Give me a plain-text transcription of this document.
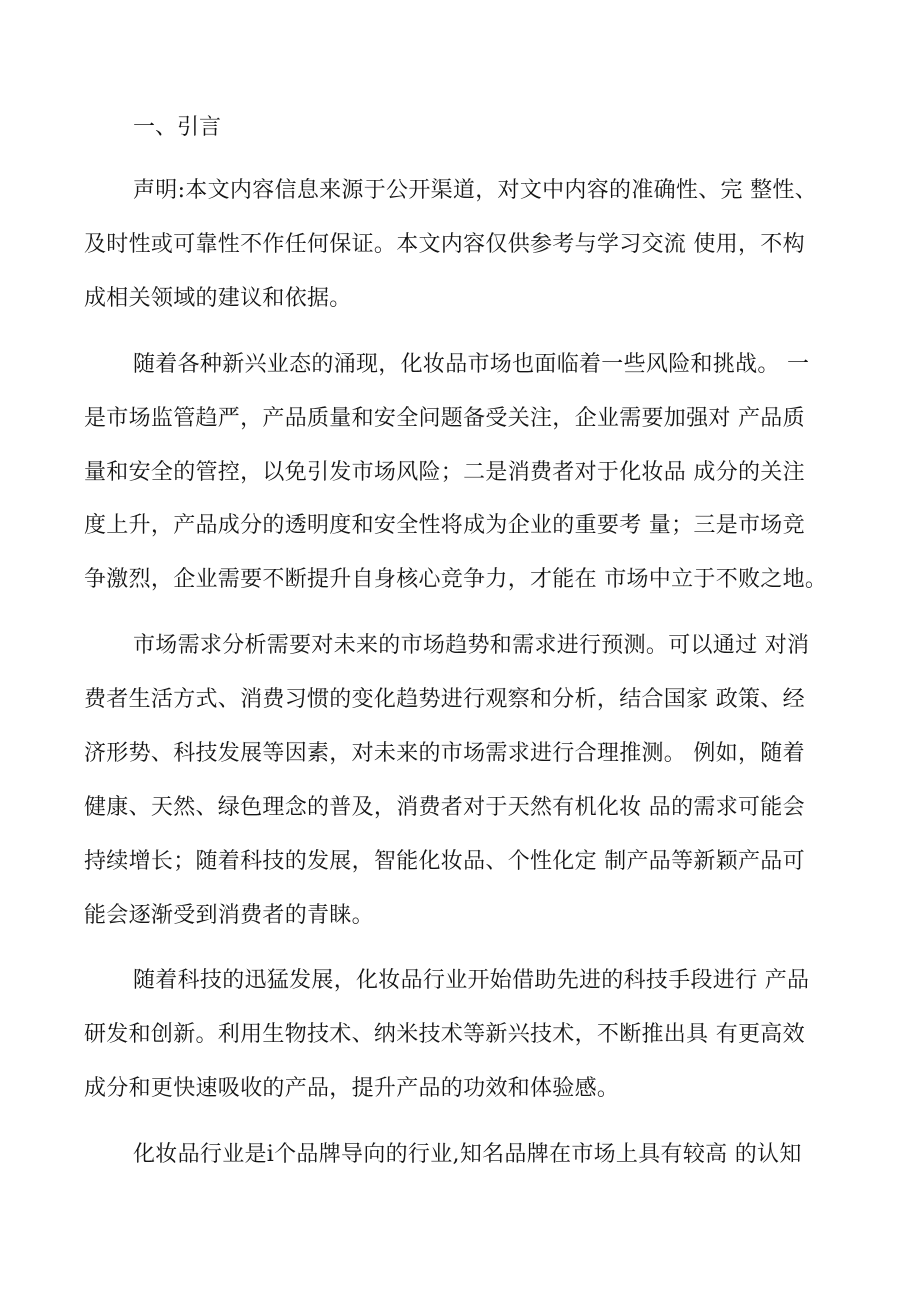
一、引言
声明:本文内容信息来源于公开渠道，对文中内容的准确性、完 整性、
及时性或可靠性不作任何保证。本文内容仅供参考与学习交流 使用，不构
成相关领域的建议和依据。
随着各种新兴业态的涌现，化妆品市场也面临着一些风险和挑战。 一
是市场监管趋严，产品质量和安全问题备受关注，企业需要加强对 产品质
量和安全的管控，以免引发市场风险；二是消费者对于化妆品 成分的关注
度上升，产品成分的透明度和安全性将成为企业的重要考 量；三是市场竞
争激烈，企业需要不断提升自身核心竞争力，才能在 市场中立于不败之地。
市场需求分析需要对未来的市场趋势和需求进行预测。可以通过 对消
费者生活方式、消费习惯的变化趋势进行观察和分析，结合国家 政策、经
济形势、科技发展等因素，对未来的市场需求进行合理推测。 例如，随着
健康、天然、绿色理念的普及，消费者对于天然有机化妆 品的需求可能会
持续增长；随着科技的发展，智能化妆品、个性化定 制产品等新颖产品可
能会逐渐受到消费者的青睐。
随着科技的迅猛发展，化妆品行业开始借助先进的科技手段进行 产品
研发和创新。利用生物技术、纳米技术等新兴技术，不断推出具 有更高效
成分和更快速吸收的产品，提升产品的功效和体验感。
化妆品行业是i个品牌导向的行业,知名品牌在市场上具有较高 的认知
